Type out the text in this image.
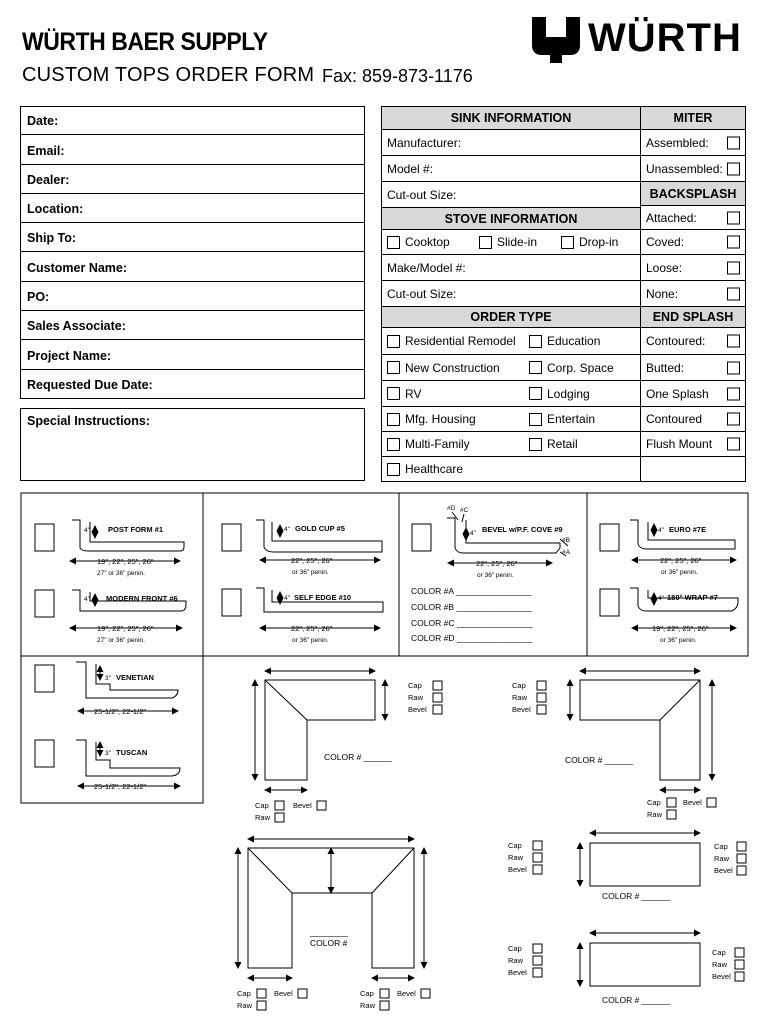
WÜRTH BAER SUPPLY
CUSTOM TOPS ORDER FORM Fax: 859-873-1176
WÜRTH
Date:
Email:
Dealer:
Location:
Ship To:
Customer Name:
PO:
Sales Associate:
Project Name:
Requested Due Date:
Special Instructions:
SINK INFORMATION
Manufacturer:
Model #:
Cut-out Size:
STOVE INFORMATION
Cooktop	Slide-in	Drop-in
Make/Model #:
Cut-out Size:
ORDER TYPE
Residential Remodel	Education
New Construction	Corp. Space
RV	Lodging
Mfg. Housing	Entertain
Multi-Family	Retail
Healthcare
MITER
Assembled:
Unassembled:
BACKSPLASH
Attached:
Coved:
Loose:
None:
END SPLASH
Contoured:
Butted:
One Splash
Contoured
Flush Mount
POST FORM #1
MODERN FRONT #6
VENETIAN
TUSCAN
GOLD CUP #5
SELF EDGE #10
BEVEL w/P.F. COVE #9	EURO #7E
180° WRAP #7
4"
4"
3"
3"
4"
4"
4"	4"
4"
#D #C
#B
#A
19", 22", 25", 26"
27" or 36" penin.
19", 22", 25", 26"
27" or 36" penin.
25-1/2", 22-1/2"
25-1/2", 22-1/2"
22", 25", 26"
or 36" penin.
22", 25", 26"
or 36" penin.
22", 25", 26"
or 36" penin.
22", 25", 26"
or 36" penin.
19", 22", 25", 26"
or 36" penin.
COLOR #A ________________
COLOR #B ________________
COLOR #C ________________
COLOR #D ________________
Cap
Raw
Bevel
Cap
Raw
Bevel
Cap
Raw
Bevel
Cap
Raw
Bevel
Cap
Raw
Bevel	Cap
Raw
Bevel
Cap
Raw
Bevel
Cap
Raw
Bevel
Cap
Raw
Bevel
Cap
Raw
Bevel
COLOR # ______	COLOR # ______
________
COLOR #
COLOR # ______
COLOR # ______
